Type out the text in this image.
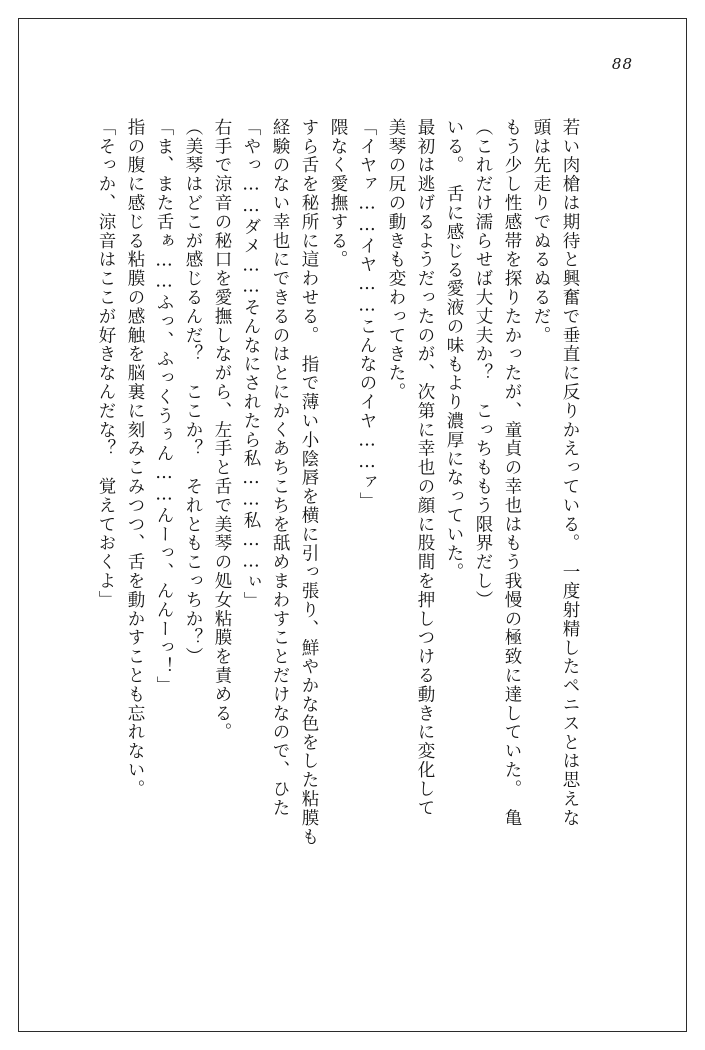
88
「そっか、涼音はここが好きなんだな？　覚えておくよ」 指の腹に感じる粘膜の感触を脳裏に刻みこみつつ、舌を動かすことも忘れない。 「ま、また舌ぁ……ふっ、ふっくうぅん……んーっ、んんーっ！」 （美琴はどこが感じるんだ？　ここか？　それともこっちか？） 右手で涼音の秘口を愛撫しながら、左手と舌で美琴の処女粘膜を責める。 「やっ……ダメ……そんなにされたら私……私……ぃ」 経験のない幸也にできるのはとにかくあちこちを舐めまわすことだけなので、ひた すら舌を秘所に這わせる。　指で薄い小陰唇を横に引っ張り、鮮やかな色をした粘膜も 隈なく愛撫する。 「イヤァ……イヤ……こんなのイヤ……ァ」 美琴の尻の動きも変わってきた。 最初は逃げるようだったのが、次第に幸也の顔に股間を押しつける動きに変化して いる。　舌に感じる愛液の味もより濃厚になっていた。 （これだけ濡らせば大丈夫か？　こっちももう限界だし） もう少し性感帯を探りたかったが、童貞の幸也はもう我慢の極致に達していた。　亀 頭は先走りでぬるぬるだ。 若い肉槍は期待と興奮で垂直に反りかえっている。　一度射精したペニスとは思えな
